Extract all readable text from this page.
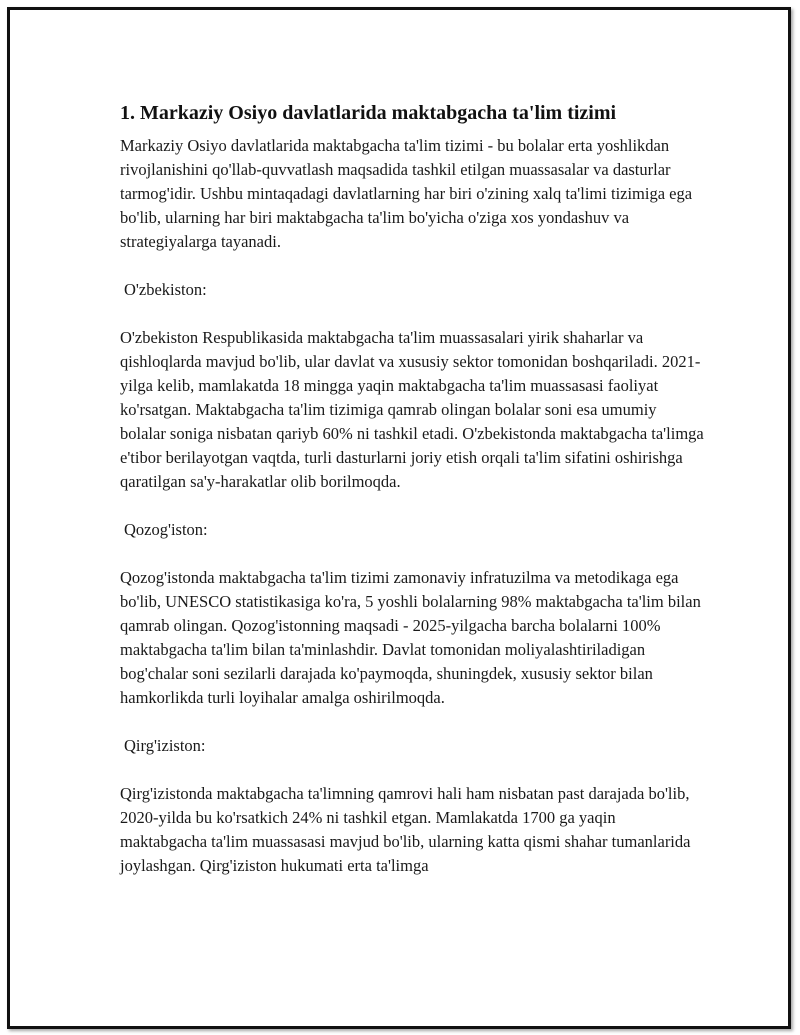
1. Markaziy Osiyo davlatlarida maktabgacha ta'lim tizimi

Markaziy Osiyo davlatlarida maktabgacha ta'lim tizimi - bu bolalar erta yoshlikdan rivojlanishini qo'llab-quvvatlash maqsadida tashkil etilgan muassasalar va dasturlar tarmog'idir. Ushbu mintaqadagi davlatlarning har biri o'zining xalq ta'limi tizimiga ega bo'lib, ularning har biri maktabgacha ta'lim bo'yicha o'ziga xos yondashuv va strategiyalarga tayanadi.

O'zbekiston:

O'zbekiston Respublikasida maktabgacha ta'lim muassasalari yirik shaharlar va qishloqlarda mavjud bo'lib, ular davlat va xususiy sektor tomonidan boshqariladi. 2021-yilga kelib, mamlakatda 18 mingga yaqin maktabgacha ta'lim muassasasi faoliyat ko'rsatgan. Maktabgacha ta'lim tizimiga qamrab olingan bolalar soni esa umumiy bolalar soniga nisbatan qariyb 60% ni tashkil etadi. O'zbekistonda maktabgacha ta'limga e'tibor berilayotgan vaqtda, turli dasturlarni joriy etish orqali ta'lim sifatini oshirishga qaratilgan sa'y-harakatlar olib borilmoqda.

Qozog'iston:

Qozog'istonda maktabgacha ta'lim tizimi zamonaviy infratuzilma va metodikaga ega bo'lib, UNESCO statistikasiga ko'ra, 5 yoshli bolalarning 98% maktabgacha ta'lim bilan qamrab olingan. Qozog'istonning maqsadi - 2025-yilgacha barcha bolalarni 100% maktabgacha ta'lim bilan ta'minlashdir. Davlat tomonidan moliyalashtiriladigan bog'chalar soni sezilarli darajada ko'paymoqda, shuningdek, xususiy sektor bilan hamkorlikda turli loyihalar amalga oshirilmoqda.

Qirg'iziston:

Qirg'izistonda maktabgacha ta'limning qamrovi hali ham nisbatan past darajada bo'lib, 2020-yilda bu ko'rsatkich 24% ni tashkil etgan. Mamlakatda 1700 ga yaqin maktabgacha ta'lim muassasasi mavjud bo'lib, ularning katta qismi shahar tumanlarida joylashgan. Qirg'iziston hukumati erta ta'limga
